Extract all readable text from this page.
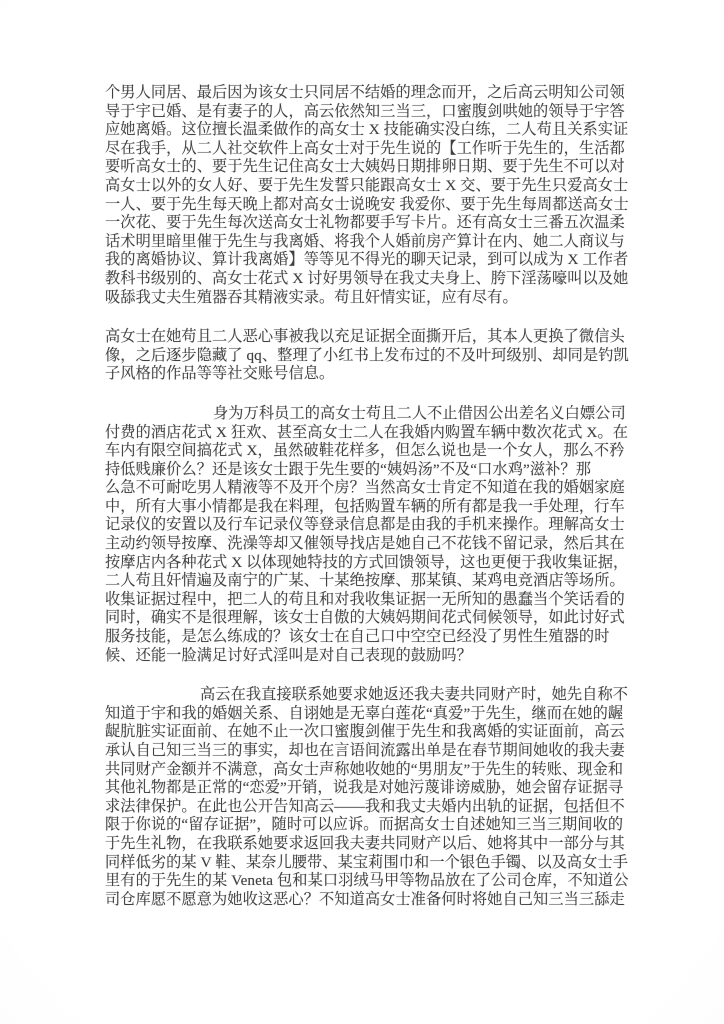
个男人同居、最后因为该女士只同居不结婚的理念而开，之后高云明知公司领
导于宇已婚、是有妻子的人，高云依然知三当三，口蜜腹剑哄她的领导于宇答
应她离婚。这位擅长温柔做作的高女士 X 技能确实没白练，二人苟且关系实证
尽在我手，从二人社交软件上高女士对于先生说的【工作听于先生的，生活都
要听高女士的、要于先生记住高女士大姨妈日期排卵日期、要于先生不可以对
高女士以外的女人好、要于先生发誓只能跟高女士 X 交、要于先生只爱高女士
一人、要于先生每天晚上都对高女士说晚安 我爱你、要于先生每周都送高女士
一次花、要于先生每次送高女士礼物都要手写卡片。还有高女士三番五次温柔
话术明里暗里催于先生与我离婚、将我个人婚前房产算计在内、她二人商议与
我的离婚协议、算计我离婚】等等见不得光的聊天记录，到可以成为 X 工作者
教科书级别的、高女士花式 X 讨好男领导在我丈夫身上、胯下淫荡嚎叫以及她
吸舔我丈夫生殖器吞其精液实录。苟且奸情实证，应有尽有。
高女士在她苟且二人恶心事被我以充足证据全面撕开后，其本人更换了微信头
像，之后逐步隐藏了 qq、整理了小红书上发布过的不及叶珂级别、却同是钓凯
子风格的作品等等社交账号信息。
身为万科员工的高女士苟且二人不止借因公出差名义白嫖公司
付费的酒店花式 X 狂欢、甚至高女士二人在我婚内购置车辆中数次花式 X。在
车内有限空间搞花式 X，虽然破鞋花样多，但怎么说也是一个女人，那么不矜
持低贱廉价么？还是该女士跟于先生要的“姨妈汤”不及“口水鸡”滋补？那
么急不可耐吃男人精液等不及开个房？当然高女士肯定不知道在我的婚姻家庭
中，所有大事小情都是我在料理，包括购置车辆的所有都是我一手处理，行车
记录仪的安置以及行车记录仪等登录信息都是由我的手机来操作。理解高女士
主动约领导按摩、洗澡等却又催领导找店是她自己不花钱不留记录，然后其在
按摩店内各种花式 X 以体现她特技的方式回馈领导，这也更便于我收集证据，
二人苟且奸情遍及南宁的广某、十某绝按摩、那某镇、某鸡电竞酒店等场所。
收集证据过程中，把二人的苟且和对我收集证据一无所知的愚蠢当个笑话看的
同时，确实不是很理解，该女士自傲的大姨妈期间花式伺候领导，如此讨好式
服务技能，是怎么练成的？该女士在自己口中空空已经没了男性生殖器的时
候、还能一脸满足讨好式淫叫是对自己表现的鼓励吗？
高云在我直接联系她要求她返还我夫妻共同财产时，她先自称不
知道于宇和我的婚姻关系、自诩她是无辜白莲花“真爱”于先生，继而在她的龌
龊肮脏实证面前、在她不止一次口蜜腹剑催于先生和我离婚的实证面前，高云
承认自己知三当三的事实，却也在言语间流露出单是在春节期间她收的我夫妻
共同财产金额并不满意，高女士声称她收她的“男朋友”于先生的转账、现金和
其他礼物都是正常的“恋爱”开销，说我是对她污蔑诽谤威胁，她会留存证据寻
求法律保护。在此也公开告知高云——我和我丈夫婚内出轨的证据，包括但不
限于你说的“留存证据”，随时可以应诉。而据高女士自述她知三当三期间收的
于先生礼物，在我联系她要求返回我夫妻共同财产以后、她将其中一部分与其
同样低劣的某 V 鞋、某奈儿腰带、某宝莉围巾和一个银色手镯、以及高女士手
里有的于先生的某 Veneta 包和某口羽绒马甲等物品放在了公司仓库，不知道公
司仓库愿不愿意为她收这恶心？不知道高女士准备何时将她自己知三当三舔走
